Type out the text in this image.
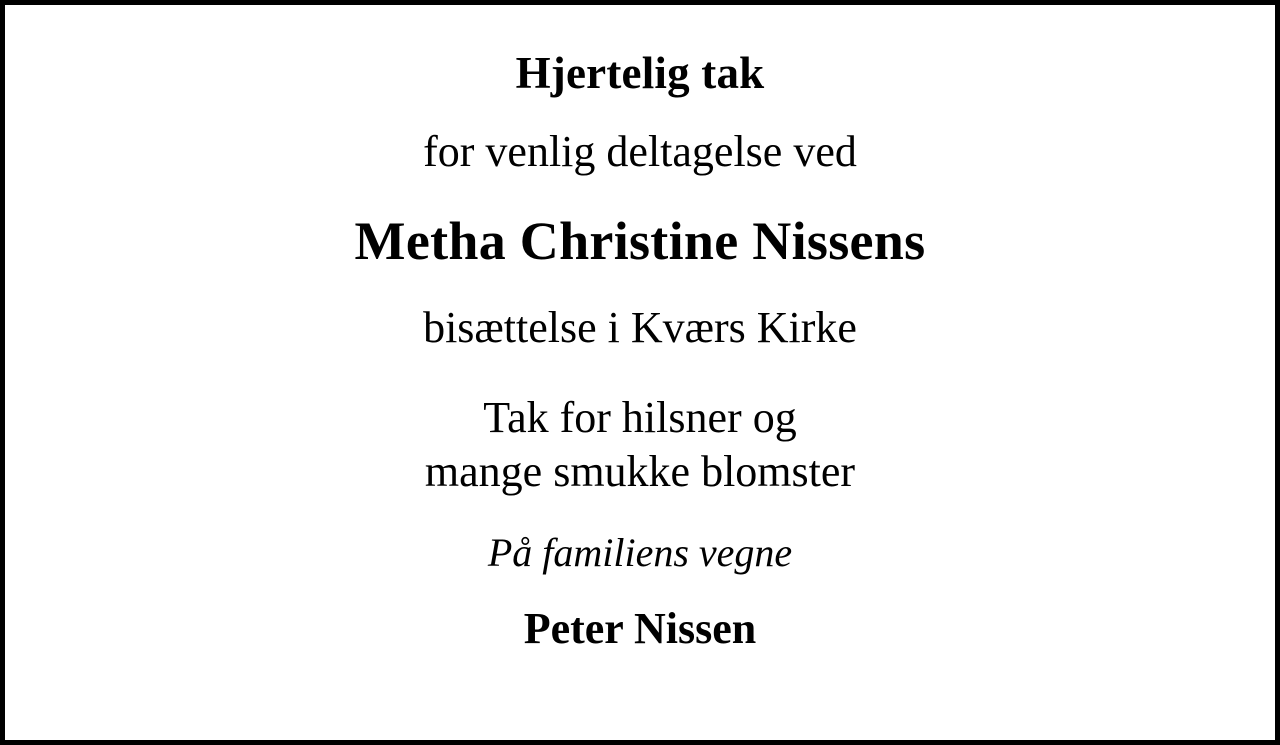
Hjertelig tak
for venlig deltagelse ved
Metha Christine Nissens
bisættelse i Kværs Kirke
Tak for hilsner og
mange smukke blomster
På familiens vegne
Peter Nissen
